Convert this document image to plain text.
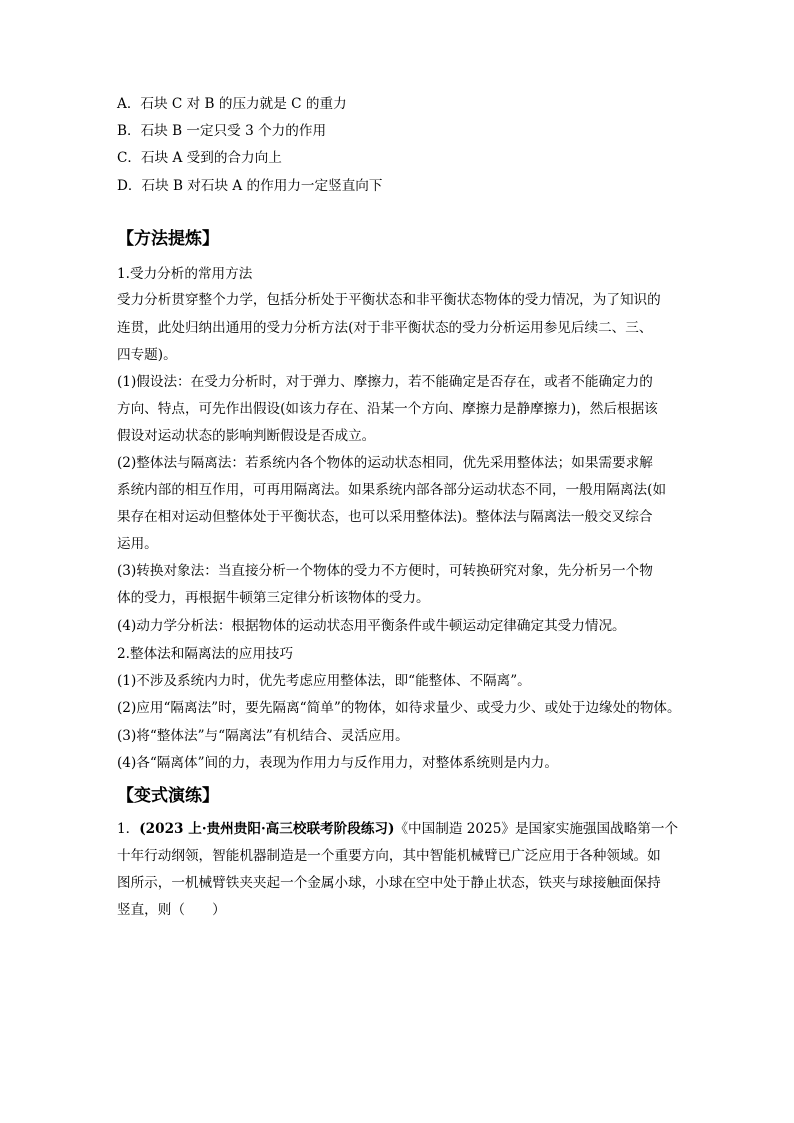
A．石块 C 对 B 的压力就是 C 的重力
B．石块 B 一定只受 3 个力的作用
C．石块 A 受到的合力向上
D．石块 B 对石块 A 的作用力一定竖直向下
【方法提炼】
1.受力分析的常用方法
受力分析贯穿整个力学，包括分析处于平衡状态和非平衡状态物体的受力情况，为了知识的
连贯，此处归纳出通用的受力分析方法(对于非平衡状态的受力分析运用参见后续二、三、
四专题)。
(1)假设法：在受力分析时，对于弹力、摩擦力，若不能确定是否存在，或者不能确定力的
方向、特点，可先作出假设(如该力存在、沿某一个方向、摩擦力是静摩擦力)，然后根据该
假设对运动状态的影响判断假设是否成立。
(2)整体法与隔离法：若系统内各个物体的运动状态相同，优先采用整体法；如果需要求解
系统内部的相互作用，可再用隔离法。如果系统内部各部分运动状态不同，一般用隔离法(如
果存在相对运动但整体处于平衡状态，也可以采用整体法)。整体法与隔离法一般交叉综合
运用。
(3)转换对象法：当直接分析一个物体的受力不方便时，可转换研究对象，先分析另一个物
体的受力，再根据牛顿第三定律分析该物体的受力。
(4)动力学分析法：根据物体的运动状态用平衡条件或牛顿运动定律确定其受力情况。
2.整体法和隔离法的应用技巧
(1)不涉及系统内力时，优先考虑应用整体法，即“能整体、不隔离”。
(2)应用“隔离法”时，要先隔离“简单”的物体，如待求量少、或受力少、或处于边缘处的物体。
(3)将“整体法”与“隔离法”有机结合、灵活应用。
(4)各“隔离体”间的力，表现为作用力与反作用力，对整体系统则是内力。
【变式演练】
1．(2023 上·贵州贵阳·高三校联考阶段练习)《中国制造 2025》是国家实施强国战略第一个
十年行动纲领，智能机器制造是一个重要方向，其中智能机械臂已广泛应用于各种领域。如
图所示，一机械臂铁夹夹起一个金属小球，小球在空中处于静止状态，铁夹与球接触面保持
竖直，则（　　）
